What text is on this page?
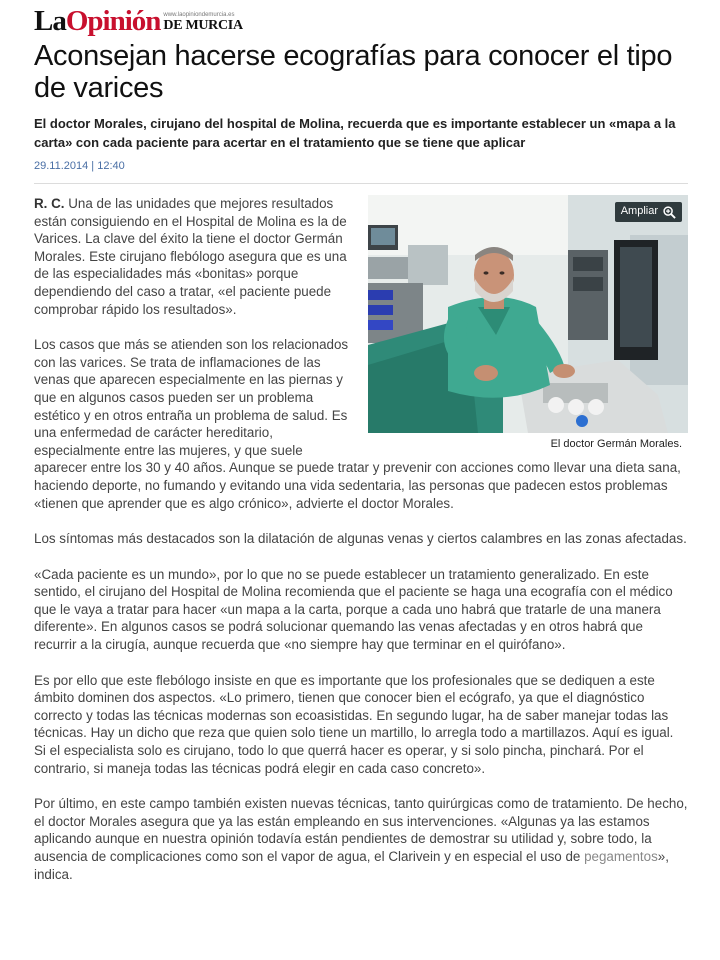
La Opinión www.laopiniondemurcia.es
DE MURCIA
Aconsejan hacerse ecografías para conocer el tipo de varices
El doctor Morales, cirujano del hospital de Molina, recuerda que es importante establecer un «mapa a la carta» con cada paciente para acertar en el tratamiento que se tiene que aplicar
29.11.2014 | 12:40
Ampliar
El doctor Germán Morales.

R. C. Una de las unidades que mejores resultados están consiguiendo en el Hospital de Molina es la de Varices. La clave del éxito la tiene el doctor Germán Morales. Este cirujano flebólogo asegura que es una de las especialidades más «bonitas» porque dependiendo del caso a tratar, «el paciente puede comprobar rápido los resultados».

Los casos que más se atienden son los relacionados con las varices. Se trata de inflamaciones de las venas que aparecen especialmente en las piernas y que en algunos casos pueden ser un problema estético y en otros entraña un problema de salud. Es una enfermedad de carácter hereditario, especialmente entre las mujeres, y que suele aparecer entre los 30 y 40 años. Aunque se puede tratar y prevenir con acciones como llevar una dieta sana, haciendo deporte, no fumando y evitando una vida sedentaria, las personas que padecen estos problemas «tienen que aprender que es algo crónico», advierte el doctor Morales.

Los síntomas más destacados son la dilatación de algunas venas y ciertos calambres en las zonas afectadas.

«Cada paciente es un mundo», por lo que no se puede establecer un tratamiento generalizado. En este sentido, el cirujano del Hospital de Molina recomienda que el paciente se haga una ecografía con el médico que le vaya a tratar para hacer «un mapa a la carta, porque a cada uno habrá que tratarle de una manera diferente». En algunos casos se podrá solucionar quemando las venas afectadas y en otros habrá que recurrir a la cirugía, aunque recuerda que «no siempre hay que terminar en el quirófano».

Es por ello que este flebólogo insiste en que es importante que los profesionales que se dediquen a este ámbito dominen dos aspectos. «Lo primero, tienen que conocer bien el ecógrafo, ya que el diagnóstico correcto y todas las técnicas modernas son ecoasistidas. En segundo lugar, ha de saber manejar todas las técnicas. Hay un dicho que reza que quien solo tiene un martillo, lo arregla todo a martillazos. Aquí es igual. Si el especialista solo es cirujano, todo lo que querrá hacer es operar, y si solo pincha, pinchará. Por el contrario, si maneja todas las técnicas podrá elegir en cada caso concreto».

Por último, en este campo también existen nuevas técnicas, tanto quirúrgicas como de tratamiento. De hecho, el doctor Morales asegura que ya las están empleando en sus intervenciones. «Algunas ya las estamos aplicando aunque en nuestra opinión todavía están pendientes de demostrar su utilidad y, sobre todo, la ausencia de complicaciones como son el vapor de agua, el Clarivein y en especial el uso de pegamentos», indica.
